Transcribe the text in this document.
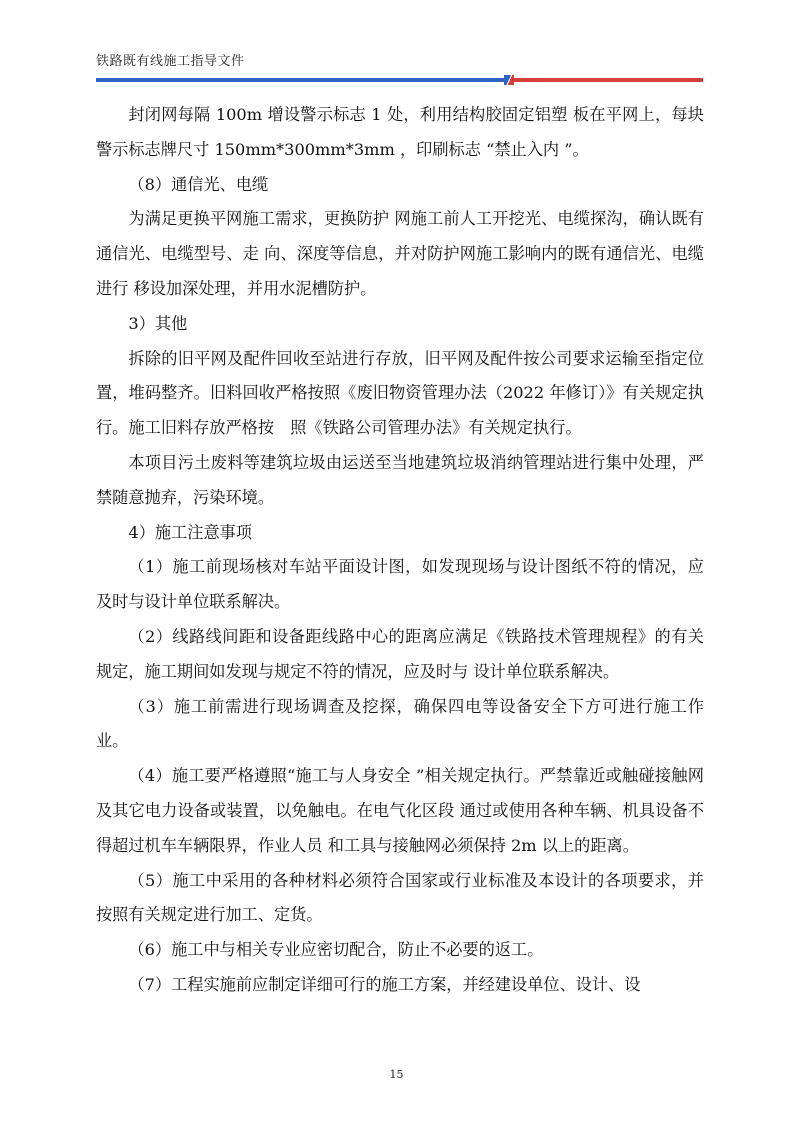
铁路既有线施工指导文件

封闭网每隔 100m 增设警示标志 1 处，利用结构胶固定铝塑 板在平网上，每块警示标志牌尺寸 150mm*300mm*3mm ，印刷标志 “禁止入内 ”。

（8）通信光、电缆

为满足更换平网施工需求，更换防护 网施工前人工开挖光、电缆探沟，确认既有通信光、电缆型号、走 向、深度等信息，并对防护网施工影响内的既有通信光、电缆进行 移设加深处理，并用水泥槽防护。

3）其他

拆除的旧平网及配件回收至站进行存放，旧平网及配件按公司要求运输至指定位置，堆码整齐。旧料回收严格按照《废旧物资管理办法（2022 年修订）》有关规定执行。施工旧料存放严格按　照《铁路公司管理办法》有关规定执行。

本项目污土废料等建筑垃圾由运送至当地建筑垃圾消纳管理站进行集中处理，严禁随意抛弃，污染环境。

4）施工注意事项

（1）施工前现场核对车站平面设计图，如发现现场与设计图纸不符的情况，应及时与设计单位联系解决。

（2）线路线间距和设备距线路中心的距离应满足《铁路技术管理规程》的有关规定，施工期间如发现与规定不符的情况，应及时与 设计单位联系解决。

（3）施工前需进行现场调查及挖探，确保四电等设备安全下方可进行施工作业。

（4）施工要严格遵照“施工与人身安全 ”相关规定执行。严禁靠近或触碰接触网及其它电力设备或装置，以免触电。在电气化区段 通过或使用各种车辆、机具设备不得超过机车车辆限界，作业人员 和工具与接触网必须保持 2m 以上的距离。

（5）施工中采用的各种材料必须符合国家或行业标准及本设计的各项要求，并按照有关规定进行加工、定货。

（6）施工中与相关专业应密切配合，防止不必要的返工。

（7）工程实施前应制定详细可行的施工方案，并经建设单位、设计、设

15
